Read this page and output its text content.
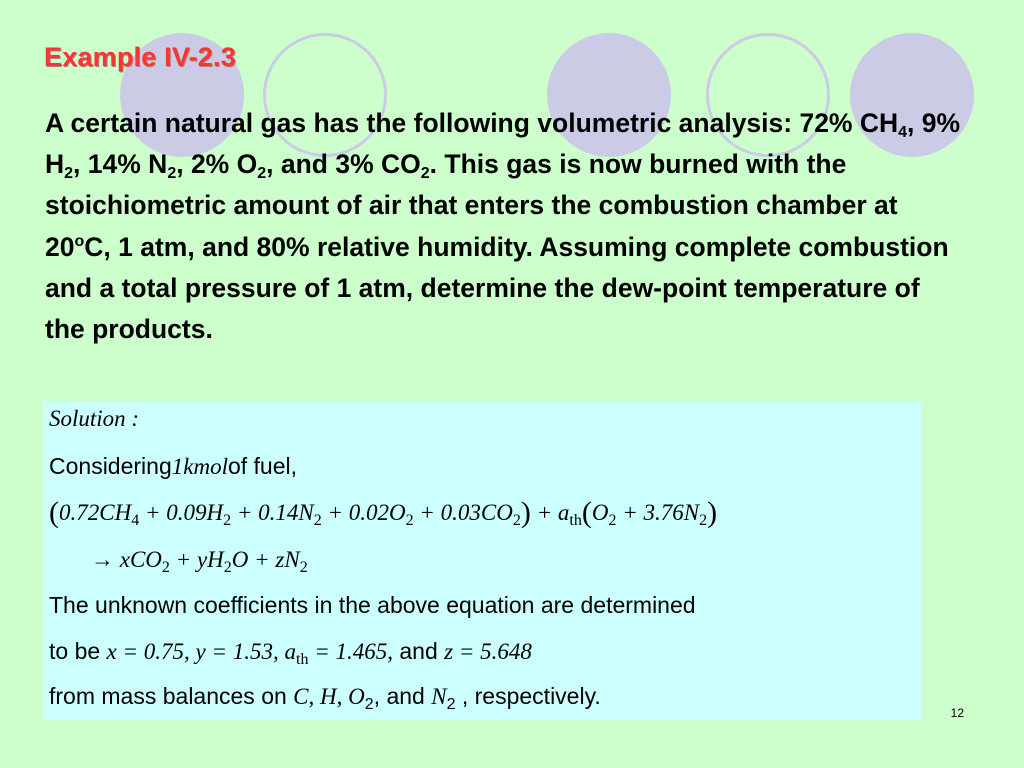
Example IV-2.3
A certain natural gas has the following volumetric analysis: 72% $CH_4$, 9% $H_2$, 14% $N_2$, 2% $O_2$, and 3% $CO_2$. This gas is now burned with the stoichiometric amount of air that enters the combustion chamber at 20$^o$C, 1 atm, and 80% relative humidity. Assuming complete combustion and a total pressure of 1 atm, determine the dew-point temperature of the products.
Solution :
Considering1kmolof fuel,
$(0.72CH_4 + 0.09H_2 + 0.14N_2 + 0.02O_2 + 0.03CO_2) + a_{th}(O_2 + 3.76N_2)$
→ $xCO_2 + yH_2O + zN_2$
The unknown coefficients in the above equation are determined
to be x = 0.75, y = 1.53, $a_{th} = 1.465$, and z = 5.648
from mass balances on C, H, $O_2$, and $N_2$ , respectively.
12
